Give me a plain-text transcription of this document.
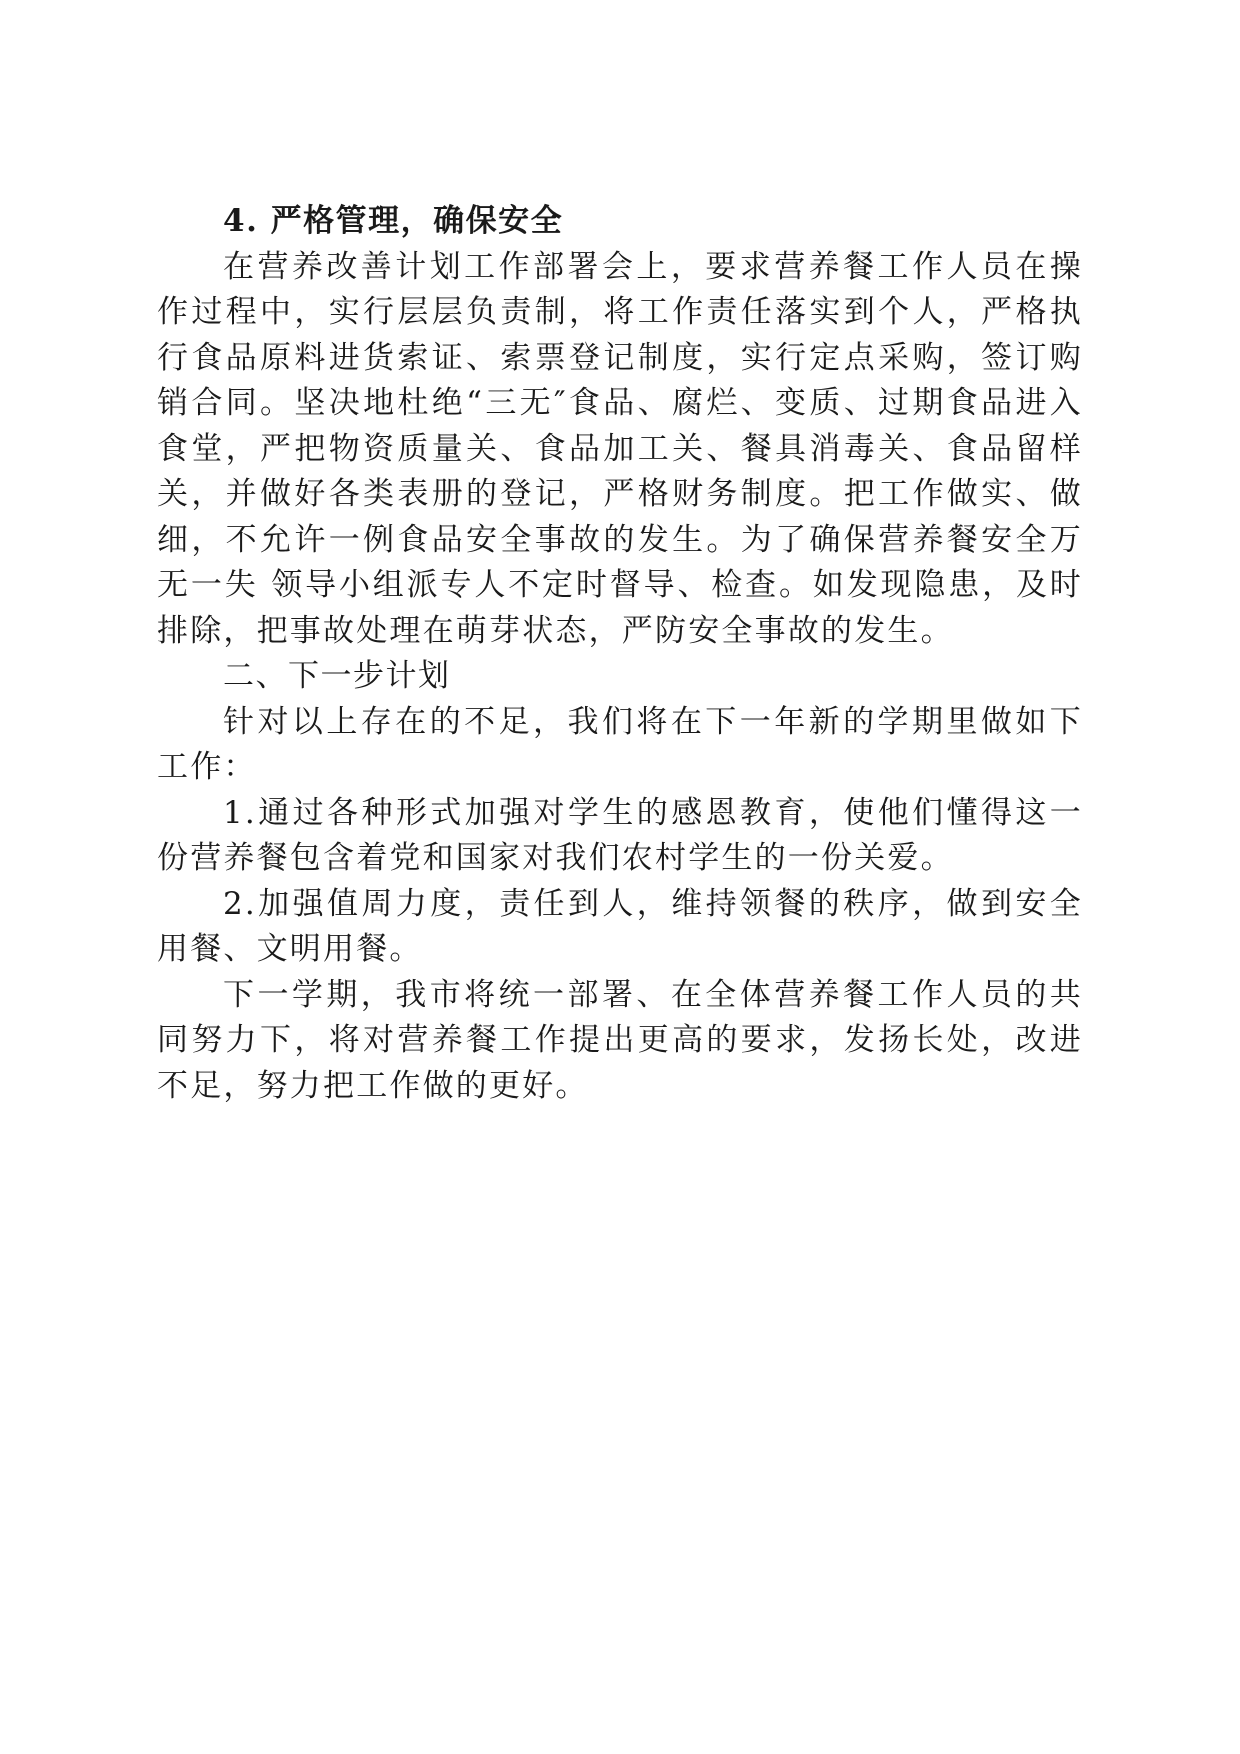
4. 严格管理，确保安全

在营养改善计划工作部署会上，要求营养餐工作人员在操作过程中，实行层层负责制，将工作责任落实到个人，严格执行食品原料进货索证、索票登记制度，实行定点采购，签订购销合同。坚决地杜绝“三无″食品、腐烂、变质、过期食品进入食堂，严把物资质量关、食品加工关、餐具消毒关、食品留样关，并做好各类表册的登记，严格财务制度。把工作做实、做细，不允许一例食品安全事故的发生。为了确保营养餐安全万无一失 领导小组派专人不定时督导、检查。如发现隐患，及时排除，把事故处理在萌芽状态，严防安全事故的发生。

二、下一步计划

针对以上存在的不足，我们将在下一年新的学期里做如下工作：

1.通过各种形式加强对学生的感恩教育，使他们懂得这一份营养餐包含着党和国家对我们农村学生的一份关爱。

2.加强值周力度，责任到人，维持领餐的秩序，做到安全用餐、文明用餐。

下一学期，我市将统一部署、在全体营养餐工作人员的共同努力下，将对营养餐工作提出更高的要求，发扬长处，改进不足，努力把工作做的更好。
